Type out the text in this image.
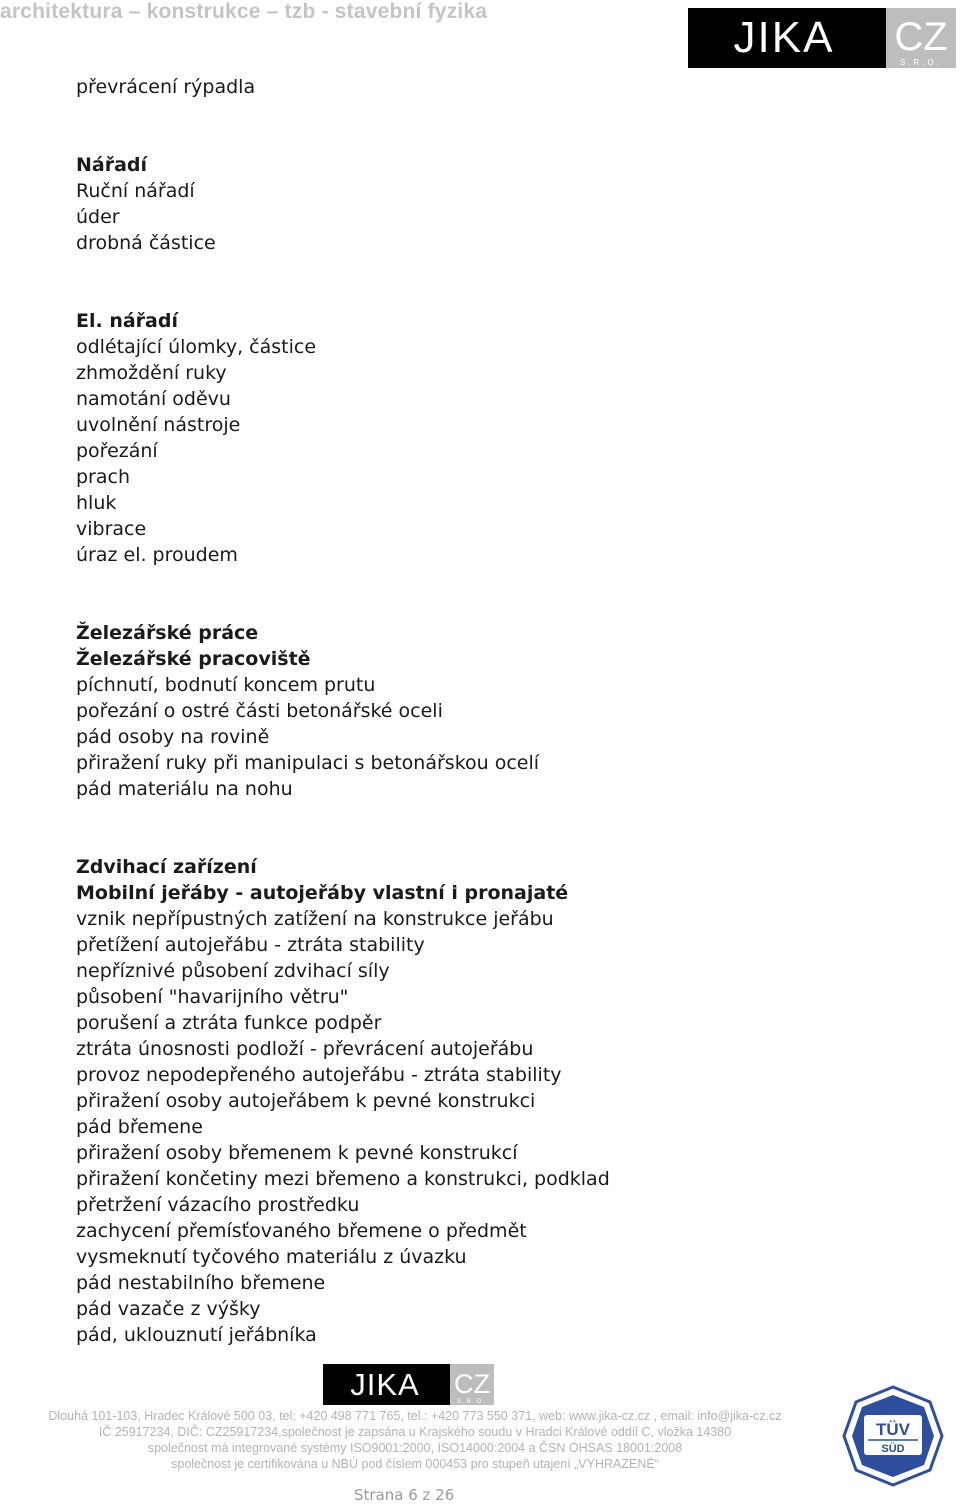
architektura – konstrukce – tzb - stavební fyzika
JIKA CZ
S.R.O.
převrácení rýpadla
Nářadí
Ruční nářadí
úder
drobná částice
El. nářadí
odlétající úlomky, částice
zhmoždění ruky
namotání oděvu
uvolnění nástroje
pořezání
prach
hluk
vibrace
úraz el. proudem
Železářské práce
Železářské pracoviště
píchnutí, bodnutí koncem prutu
pořezání o ostré části betonářské oceli
pád osoby na rovině
přiražení ruky při manipulaci s betonářskou ocelí
pád materiálu na nohu
Zdvihací zařízení
Mobilní jeřáby - autojeřáby vlastní i pronajaté
vznik nepřípustných zatížení na konstrukce jeřábu
přetížení autojeřábu - ztráta stability
nepříznivé působení zdvihací síly
působení "havarijního větru"
porušení a ztráta funkce podpěr
ztráta únosnosti podloží - převrácení autojeřábu
provoz nepodepřeného autojeřábu - ztráta stability
přiražení osoby autojeřábem k pevné konstrukci
pád břemene
přiražení osoby břemenem k pevné konstrukcí
přiražení končetiny mezi břemeno a konstrukci, podklad
přetržení vázacího prostředku
zachycení přemísťovaného břemene o předmět
vysmeknutí tyčového materiálu z úvazku
pád nestabilního břemene
pád vazače z výšky
pád, uklouznutí jeřábníka
JIKA CZ
S.R.O.
Dlouhá 101-103, Hradec Králové 500 03, tel: +420 498 771 765, tel.: +420 773 550 371, web: www.jika-cz.cz , email: info@jika-cz.cz
IČ 25917234, DIČ: CZ25917234,společnost je zapsána u Krajského soudu v Hradci Králové oddíl C, vložka 14380
společnost má integrované systémy ISO9001:2000, ISO14000:2004 a ČSN OHSAS 18001:2008
společnost je certifikována u NBÚ pod číslem 000453 pro stupeň utajení „VYHRAZENÉ“
Strana 6 z 26
TÜV
SÜD
